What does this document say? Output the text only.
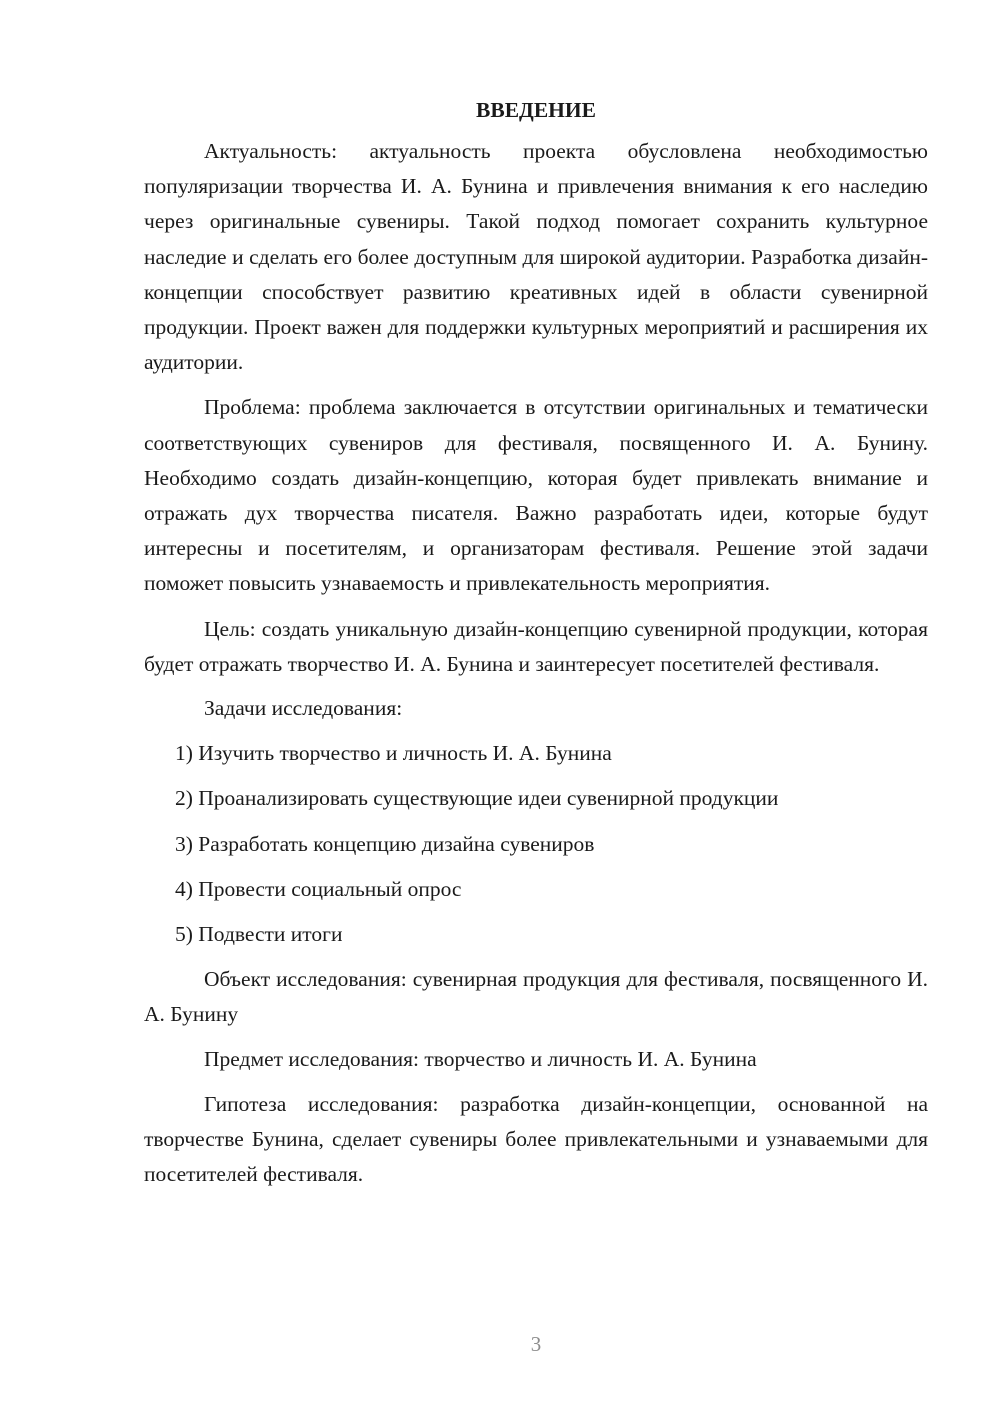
ВВЕДЕНИЕ

Актуальность: актуальность проекта обусловлена необходимостью популяризации творчества И. А. Бунина и привлечения внимания к его наследию через оригинальные сувениры. Такой подход помогает сохранить культурное наследие и сделать его более доступным для широкой аудитории. Разработка дизайн-концепции способствует развитию креативных идей в области сувенирной продукции. Проект важен для поддержки культурных мероприятий и расширения их аудитории.

Проблема: проблема заключается в отсутствии оригинальных и тематически соответствующих сувениров для фестиваля, посвященного И. А. Бунину. Необходимо создать дизайн-концепцию, которая будет привлекать внимание и отражать дух творчества писателя. Важно разработать идеи, которые будут интересны и посетителям, и организаторам фестиваля. Решение этой задачи поможет повысить узнаваемость и привлекательность мероприятия.

Цель: создать уникальную дизайн-концепцию сувенирной продукции, которая будет отражать творчество И. А. Бунина и заинтересует посетителей фестиваля.

Задачи исследования:

1) Изучить творчество и личность И. А. Бунина
2) Проанализировать существующие идеи сувенирной продукции
3) Разработать концепцию дизайна сувениров
4) Провести социальный опрос
5) Подвести итоги

Объект исследования: сувенирная продукция для фестиваля, посвященного И. А. Бунину

Предмет исследования: творчество и личность И. А. Бунина

Гипотеза исследования: разработка дизайн-концепции, основанной на творчестве Бунина, сделает сувениры более привлекательными и узнаваемыми для посетителей фестиваля.

3
